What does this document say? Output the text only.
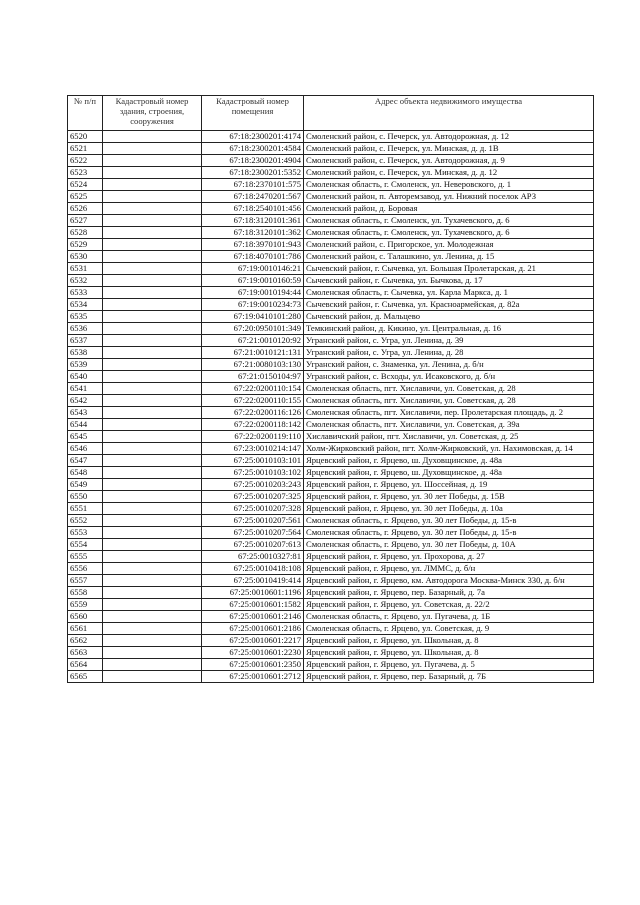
№ п/п	Кадастровый номер здания, строения, сооружения	Кадастровый номер помещения	Адрес объекта недвижимого имущества
6520		67:18:2300201:4174	Смоленский район, с. Печерск, ул. Автодорожная, д. 12
6521		67:18:2300201:4584	Смоленский район, с. Печерск, ул. Минская, д. д. 1В
6522		67:18:2300201:4904	Смоленский район, с. Печерск, ул. Автодорожная, д. 9
6523		67:18:2300201:5352	Смоленский район, с. Печерск, ул. Минская, д. д. 12
6524		67:18:2370101:575	Смоленская область, г. Смоленск, ул. Неверовского, д. 1
6525		67:18:2470201:567	Смоленский район, п. Авторемзавод, ул. Нижний поселок АРЗ
6526		67:18:2540101:456	Смоленский район, д. Боровая
6527		67:18:3120101:361	Смоленская область, г. Смоленск, ул. Тухачевского, д. 6
6528		67:18:3120101:362	Смоленская область, г. Смоленск, ул. Тухачевского, д. 6
6529		67:18:3970101:943	Смоленский район, с. Пригорское, ул. Молодежная
6530		67:18:4070101:786	Смоленский район, с. Талашкино, ул. Ленина, д. 15
6531		67:19:0010146:21	Сычевский район, г. Сычевка, ул. Большая Пролетарская, д. 21
6532		67:19:0010160:59	Сычевский район, г. Сычевка, ул. Бычкова, д. 17
6533		67:19:0010194:44	Смоленская область, г. Сычевка, ул. Карла Маркса, д. 1
6534		67:19:0010234:73	Сычевский район, г. Сычевка, ул. Красноармейская, д. 82а
6535		67:19:0410101:280	Сычевский район, д. Мальцево
6536		67:20:0950101:349	Темкинский район, д. Кикино, ул. Центральная, д. 16
6537		67:21:0010120:92	Угранский район, с. Угра, ул. Ленина, д. 39
6538		67:21:0010121:131	Угранский район, с. Угра, ул. Ленина, д. 28
6539		67:21:0080103:130	Угранский район, с. Знаменка, ул. Ленина, д. б/н
6540		67:21:0150104:97	Угранский район, с. Всходы, ул. Исаковского, д. б/н
6541		67:22:0200110:154	Смоленская область, пгт. Хиславичи, ул. Советская, д. 28
6542		67:22:0200110:155	Смоленская область, пгт. Хиславичи, ул. Советская, д. 28
6543		67:22:0200116:126	Смоленская область, пгт. Хиславичи, пер. Пролетарская площадь, д. 2
6544		67:22:0200118:142	Смоленская область, пгт. Хиславичи, ул. Советская, д. 39а
6545		67:22:0200119:110	Хиславичский район, пгт. Хиславичи, ул. Советская, д. 25
6546		67:23:0010214:147	Холм-Жирковский район, пгт. Холм-Жирковский, ул. Нахимовская, д. 14
6547		67:25:0010103:101	Ярцевский район, г. Ярцево, ш. Духовщинское, д. 48а
6548		67:25:0010103:102	Ярцевский район, г. Ярцево, ш. Духовщинское, д. 48а
6549		67:25:0010203:243	Ярцевский район, г. Ярцево, ул. Шоссейная, д. 19
6550		67:25:0010207:325	Ярцевский район, г. Ярцево, ул. 30 лет Победы, д. 15В
6551		67:25:0010207:328	Ярцевский район, г. Ярцево, ул. 30 лет Победы, д. 10а
6552		67:25:0010207:561	Смоленская область, г. Ярцево, ул. 30 лет Победы, д. 15-в
6553		67:25:0010207:564	Смоленская область, г. Ярцево, ул. 30 лет Победы, д. 15-в
6554		67:25:0010207:613	Смоленская область, г. Ярцево, ул. 30 лет Победы, д. 10А
6555		67:25:0010327:81	Ярцевский район, г. Ярцево, ул. Прохорова, д. 27
6556		67:25:0010418:108	Ярцевский район, г. Ярцево, ул. ЛММС, д. б/н
6557		67:25:0010419:414	Ярцевский район, г. Ярцево, км. Автодорога Москва-Минск 330, д. б/н
6558		67:25:0010601:1196	Ярцевский район, г. Ярцево, пер. Базарный, д. 7а
6559		67:25:0010601:1582	Ярцевский район, г. Ярцево, ул. Советская, д. 22/2
6560		67:25:0010601:2146	Смоленская область, г. Ярцево, ул. Пугачева, д. 1Б
6561		67:25:0010601:2186	Смоленская область, г. Ярцево, ул. Советская, д. 9
6562		67:25:0010601:2217	Ярцевский район, г. Ярцево, ул. Школьная, д. 8
6563		67:25:0010601:2230	Ярцевский район, г. Ярцево, ул. Школьная, д. 8
6564		67:25:0010601:2350	Ярцевский район, г. Ярцево, ул. Пугачева, д. 5
6565		67:25:0010601:2712	Ярцевский район, г. Ярцево, пер. Базарный, д. 7Б
